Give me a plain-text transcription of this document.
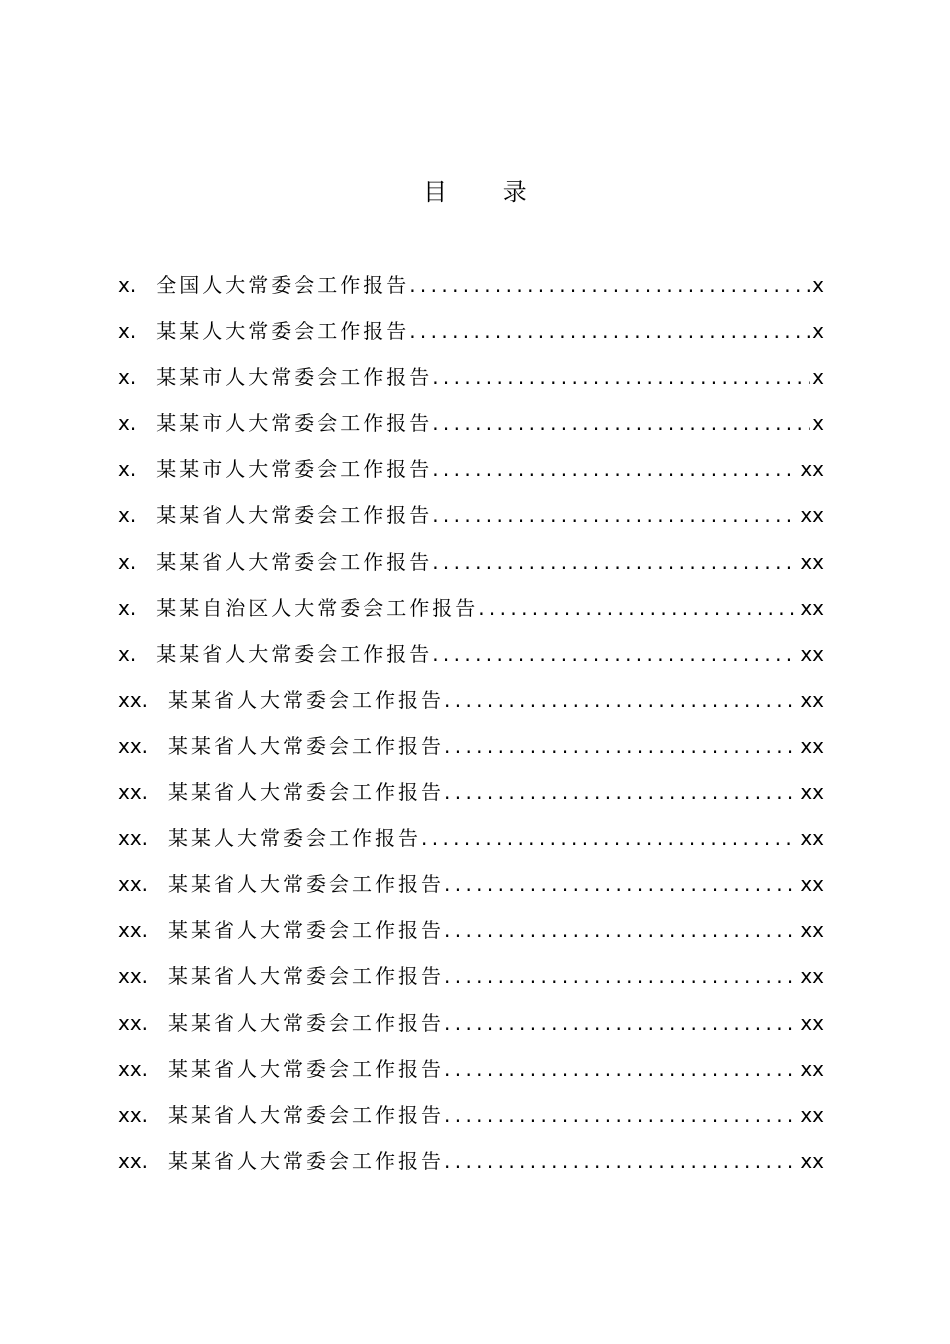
目 录
x.	全国人大常委会工作报告 . . .	x
x.	某某人大常委会工作报告 . . .	x
x.	某某市人大常委会工作报告 . . .	x
x.	某某市人大常委会工作报告 . . .	x
x.	某某市人大常委会工作报告 . . .	xx
x.	某某省人大常委会工作报告 . . .	xx
x.	某某省人大常委会工作报告 . . .	xx
x.	某某自治区人大常委会工作报告 . . .	xx
x.	某某省人大常委会工作报告 . . .	xx
xx.	某某省人大常委会工作报告 . . .	xx
xx.	某某省人大常委会工作报告 . . .	xx
xx.	某某省人大常委会工作报告 . . .	xx
xx.	某某人大常委会工作报告 . . .	xx
xx.	某某省人大常委会工作报告 . . .	xx
xx.	某某省人大常委会工作报告 . . .	xx
xx.	某某省人大常委会工作报告 . . .	xx
xx.	某某省人大常委会工作报告 . . .	xx
xx.	某某省人大常委会工作报告 . . .	xx
xx.	某某省人大常委会工作报告 . . .	xx
xx.	某某省人大常委会工作报告 . . .	xx
